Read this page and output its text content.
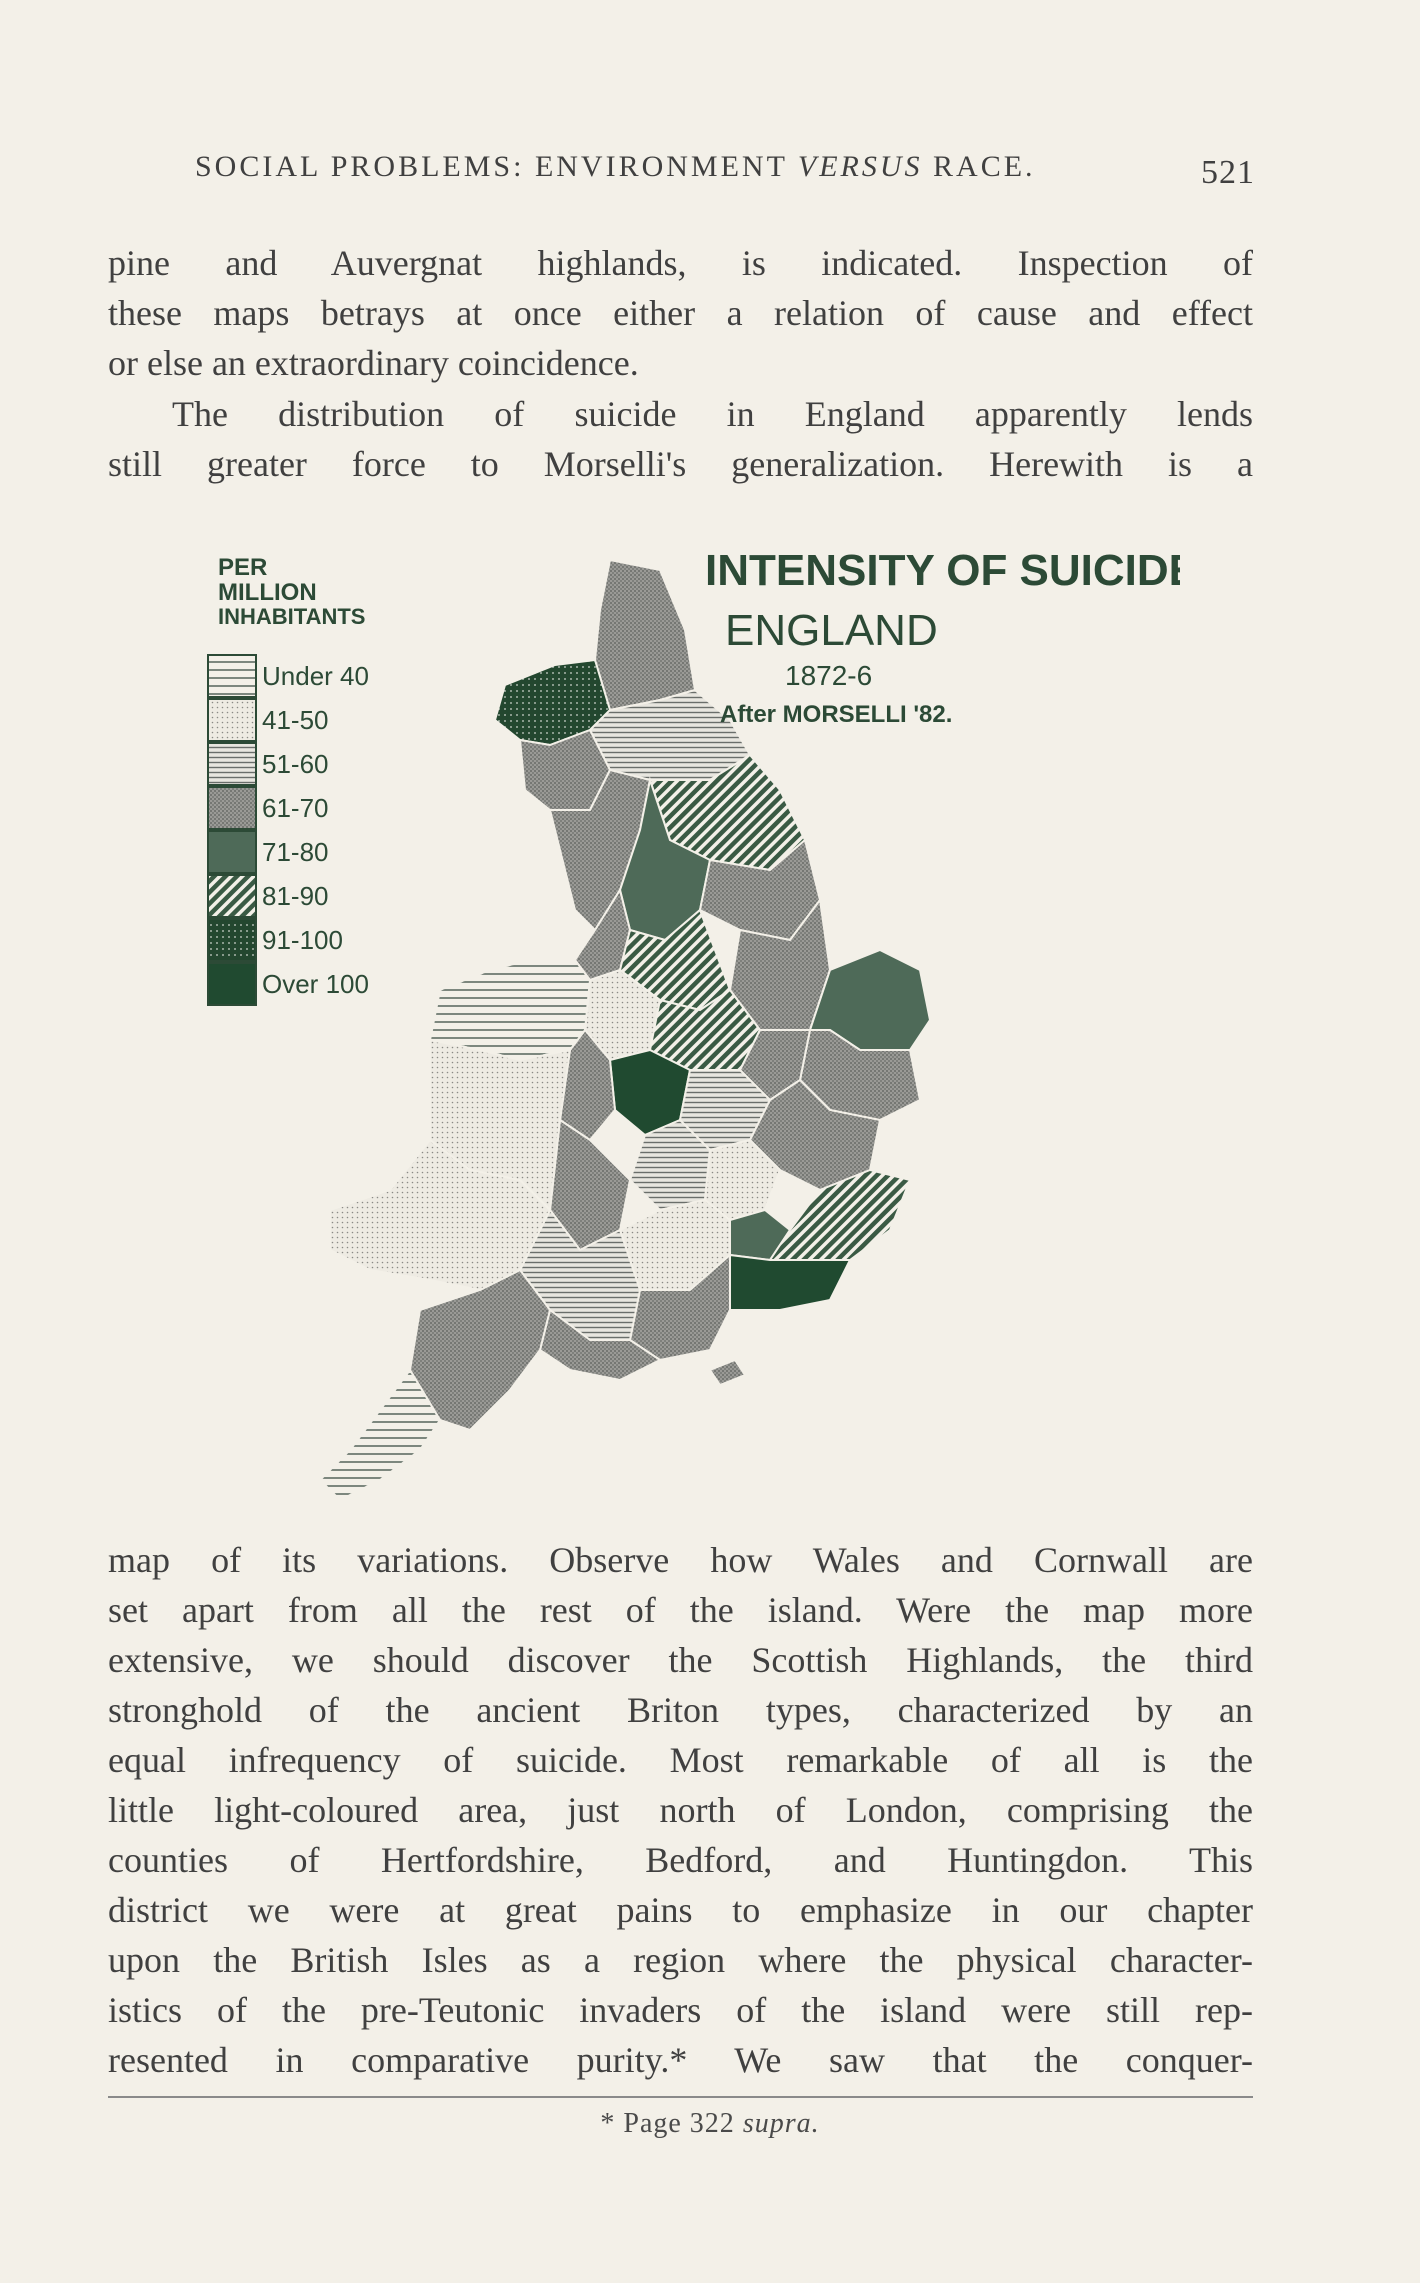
SOCIAL PROBLEMS: ENVIRONMENT VERSUS RACE.	521
pine and Auvergnat highlands, is indicated. Inspection of
these maps betrays at once either a relation of cause and effect
or else an extraordinary coincidence.
The distribution of suicide in England apparently lends
still greater force to Morselli's generalization. Herewith is a
PER
MILLION
INHABITANTS
Under 40
41-50
51-60
61-70
71-80
81-90
91-100
Over 100
INTENSITY OF SUICIDE
ENGLAND
1872-6
After MORSELLI '82.
map of its variations. Observe how Wales and Cornwall are
set apart from all the rest of the island. Were the map more
extensive, we should discover the Scottish Highlands, the third
stronghold of the ancient Briton types, characterized by an
equal infrequency of suicide. Most remarkable of all is the
little light-coloured area, just north of London, comprising the
counties of Hertfordshire, Bedford, and Huntingdon. This
district we were at great pains to emphasize in our chapter
upon the British Isles as a region where the physical character-
istics of the pre-Teutonic invaders of the island were still rep-
resented in comparative purity.* We saw that the conquer-
* Page 322 supra.
